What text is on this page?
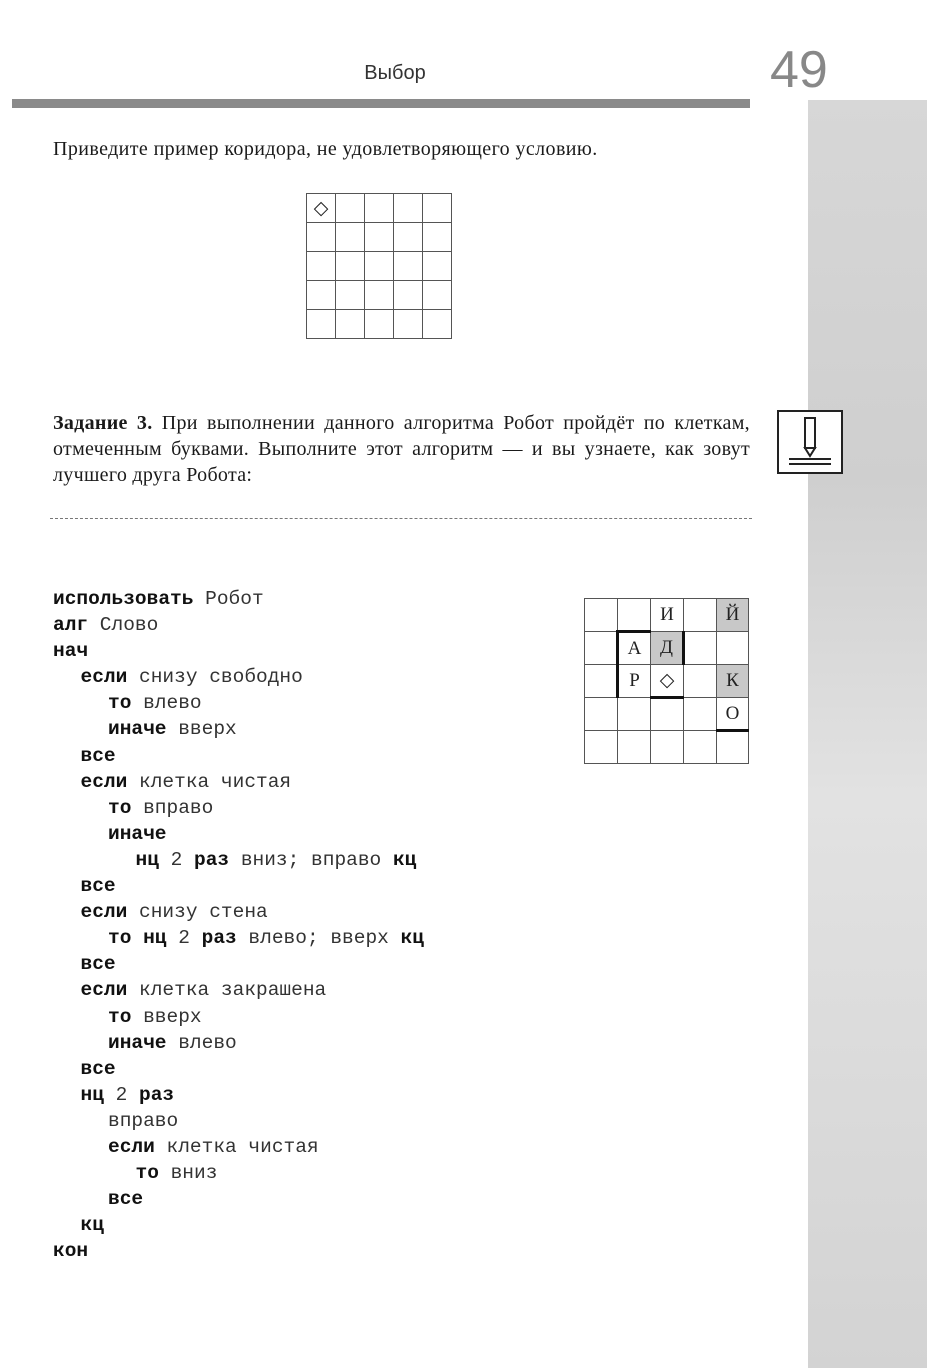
Выбор	49
Приведите пример коридора, не удовлетворяющего условию.
◇				

Задание 3. При выполнении данного алгоритма Робот пройдёт по клеткам, отмеченным буквами. Выполните этот алгоритм — и вы узнаете, как зовут лучшего друга Робота:
использовать Робот
алг Слово
нач
если снизу свободно
то влево
иначе вверх
все
если клетка чистая
то вправо
иначе
нц 2 раз вниз; вправо кц
все
если снизу стена
то нц 2 раз влево; вверх кц
все
если клетка закрашена
то вверх
иначе влево
все
нц 2 раз
вправо
если клетка чистая
то вниз
все
кц
кон
		И		Й
	А	Д		
	Р	◇		К
				О
